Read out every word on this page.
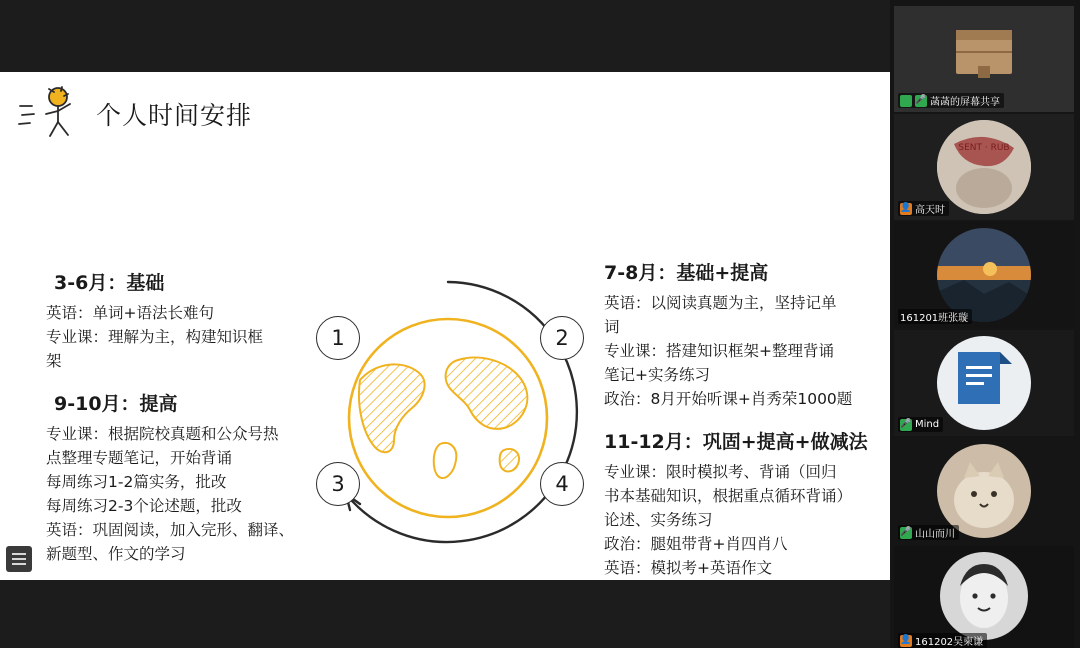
个人时间安排
3-6月：基础
英语：单词+语法长难句
专业课：理解为主，构建知识框
架
9-10月：提高
专业课：根据院校真题和公众号热
点整理专题笔记，开始背诵
每周练习1-2篇实务，批改
每周练习2-3个论述题，批改
英语：巩固阅读，加入完形、翻译、
新题型、作文的学习
1	2
3	4
7-8月：基础+提高
英语：以阅读真题为主，坚持记单
词
专业课：搭建知识框架+整理背诵
笔记+实务练习
政治：8月开始听课+肖秀荣1000题
11-12月：巩固+提高+做减法
专业课：限时模拟考、背诵（回归
书本基础知识，根据重点循环背诵）
论述、实务练习
政治：腿姐带背+肖四肖八
英语：模拟考+英语作文
🎤 菡菡的屏幕共享
SENT · RUB
👤 高天时
161201班张璇
🎤 Mind
🎤 山山而川
👤 161202吴柬谦
